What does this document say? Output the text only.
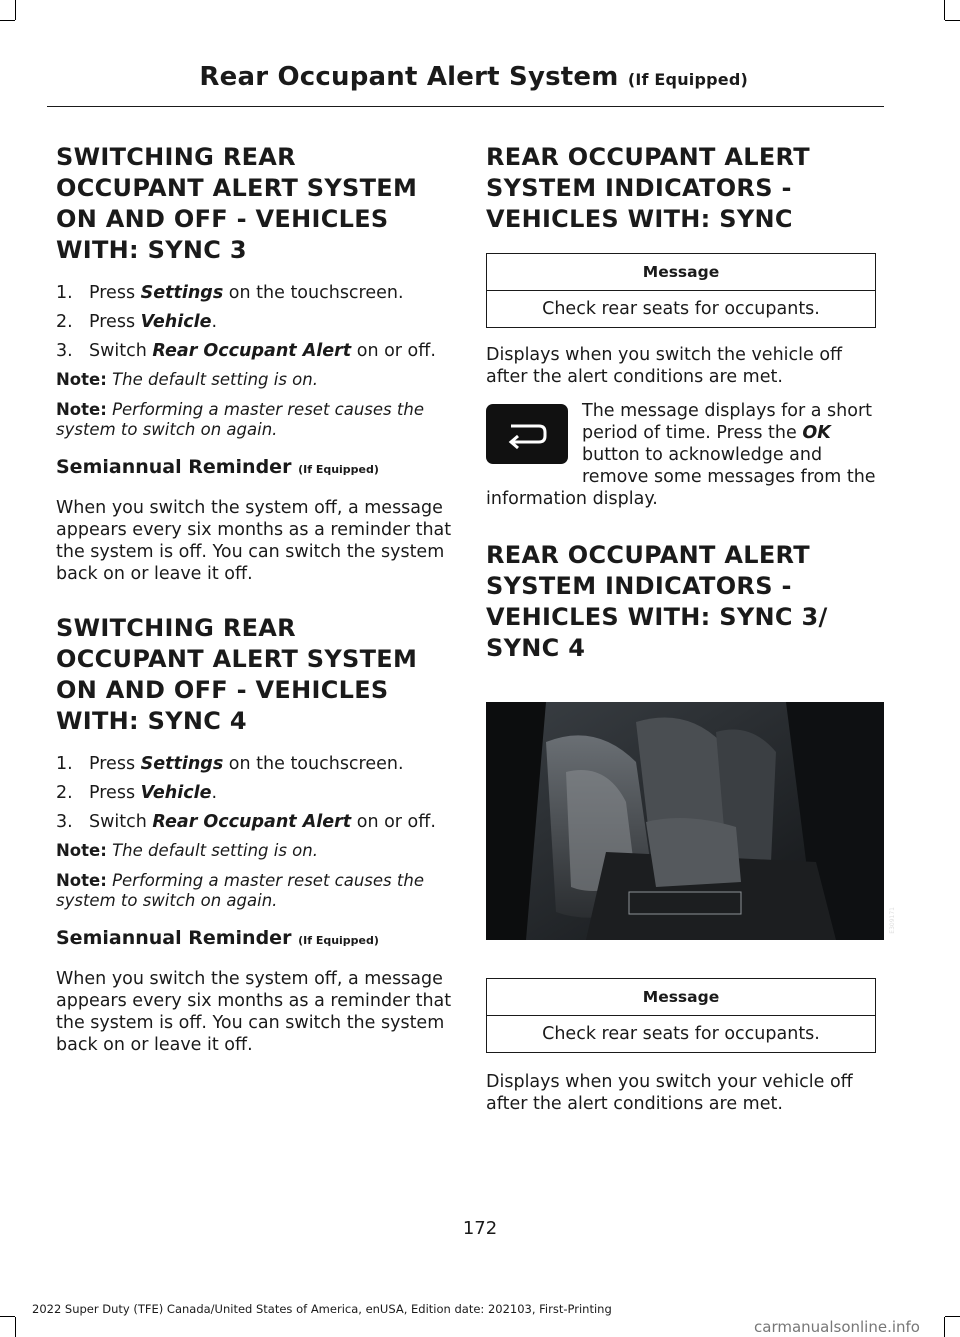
Rear Occupant Alert System (If Equipped)
SWITCHING REAR OCCUPANT ALERT SYSTEM ON AND OFF - VEHICLES WITH: SYNC 3
1. Press Settings on the touchscreen.
2. Press Vehicle.
3. Switch Rear Occupant Alert on or off.
Note: The default setting is on.
Note: Performing a master reset causes the system to switch on again.
Semiannual Reminder (If Equipped)

When you switch the system off, a message appears every six months as a reminder that the system is off. You can switch the system back on or leave it off.

SWITCHING REAR OCCUPANT ALERT SYSTEM ON AND OFF - VEHICLES WITH: SYNC 4
1. Press Settings on the touchscreen.
2. Press Vehicle.
3. Switch Rear Occupant Alert on or off.
Note: The default setting is on.
Note: Performing a master reset causes the system to switch on again.
Semiannual Reminder (If Equipped)

When you switch the system off, a message appears every six months as a reminder that the system is off. You can switch the system back on or leave it off.

REAR OCCUPANT ALERT SYSTEM INDICATORS - VEHICLES WITH: SYNC
Message
Check rear seats for occupants.

Displays when you switch the vehicle off after the alert conditions are met.

The message displays for a short period of time. Press the OK button to acknowledge and remove some messages from the information display.

REAR OCCUPANT ALERT SYSTEM INDICATORS - VEHICLES WITH: SYNC 3/ SYNC 4
E309171
Message
Check rear seats for occupants.

Displays when you switch your vehicle off after the alert conditions are met.

172
2022 Super Duty (TFE) Canada/United States of America, enUSA, Edition date: 202103, First-Printing
carmanualsonline.info
